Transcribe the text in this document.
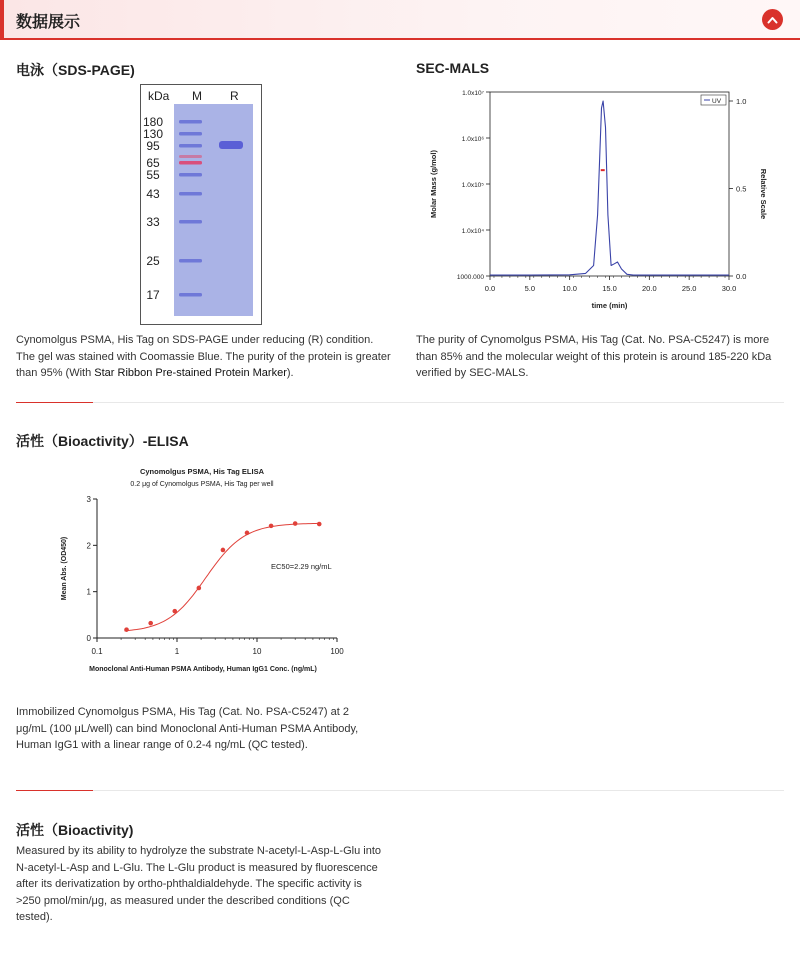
数据展示
电泳（SDS-PAGE)
kDa M R
180
130
95
65
55
43
33
25
17
Cynomolgus PSMA, His Tag on SDS-PAGE under reducing (R) condition. The gel was stained with Coomassie Blue. The purity of the protein is greater than 95% (With Star Ribbon Pre-stained Protein Marker).
SEC-MALS
0.0	5.0	10.0	15.0	20.0	25.0	30.0
1000.000
1.0x10⁴
1.0x10⁵
1.0x10⁶
1.0x10⁷
0.0
0.5
1.0
time (min)
Molar Mass (g/mol)	Relative Scale
UV
The purity of Cynomolgus PSMA, His Tag (Cat. No. PSA-C5247) is more than 85% and the molecular weight of this protein is around 185-220 kDa verified by SEC-MALS.
活性（Bioactivity）-ELISA
Cynomolgus PSMA, His Tag ELISA
0.2 μg of Cynomolgus PSMA, His Tag per well
0
1
2
3
0.1	1	10	100
Monoclonal Anti-Human PSMA Antibody, Human IgG1 Conc. (ng/mL)
Mean Abs. (OD450)	EC50=2.29 ng/mL
Immobilized Cynomolgus PSMA, His Tag (Cat. No. PSA-C5247) at 2 μg/mL (100 μL/well) can bind Monoclonal Anti-Human PSMA Antibody, Human IgG1 with a linear range of 0.2-4 ng/mL (QC tested).
活性（Bioactivity)
Measured by its ability to hydrolyze the substrate N-acetyl-L-Asp-L-Glu into N-acetyl-L-Asp and L-Glu. The L-Glu product is measured by fluorescence after its derivatization by ortho-phthaldialdehyde. The specific activity is >250 pmol/min/μg, as measured under the described conditions (QC tested).
